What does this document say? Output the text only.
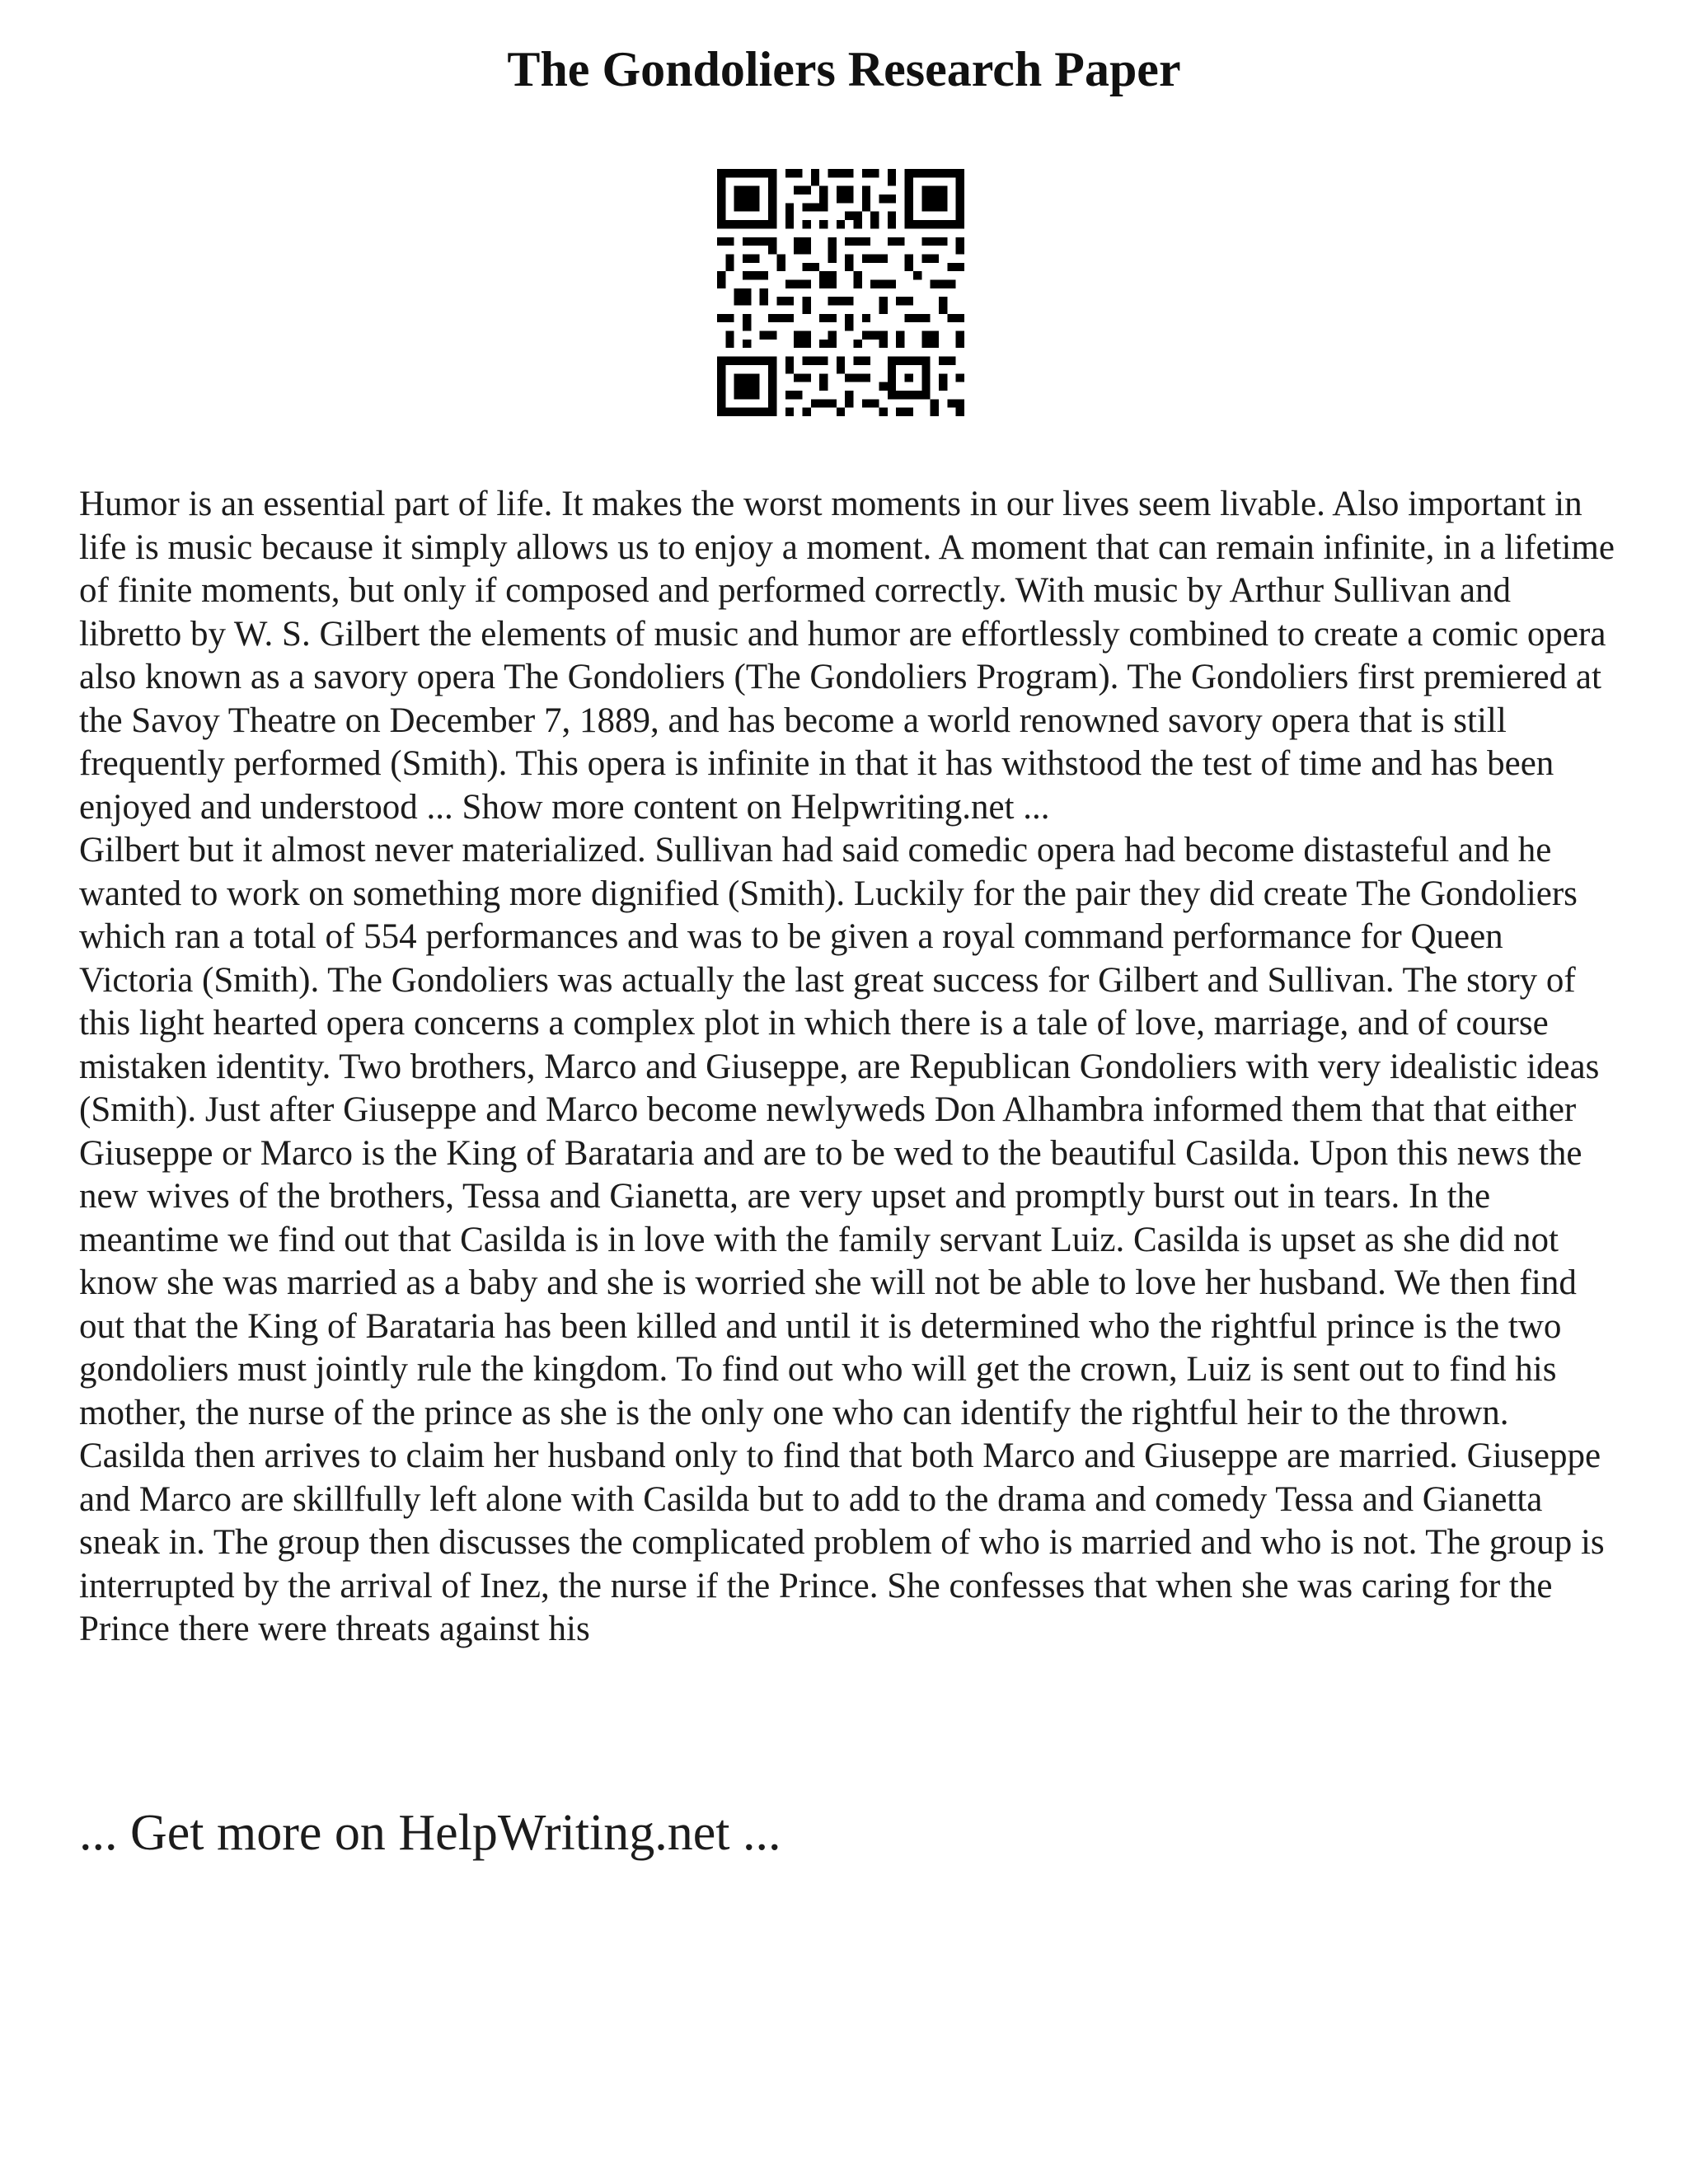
The Gondoliers Research Paper

Humor is an essential part of life. It makes the worst moments in our lives seem livable. Also important in life is music because it simply allows us to enjoy a moment. A moment that can remain infinite, in a lifetime of finite moments, but only if composed and performed correctly. With music by Arthur Sullivan and libretto by W. S. Gilbert the elements of music and humor are effortlessly combined to create a comic opera also known as a savory opera The Gondoliers (The Gondoliers Program). The Gondoliers first premiered at the Savoy Theatre on December 7, 1889, and has become a world renowned savory opera that is still frequently performed (Smith). This opera is infinite in that it has withstood the test of time and has been enjoyed and understood ... Show more content on Helpwriting.net ...

Gilbert but it almost never materialized. Sullivan had said comedic opera had become distasteful and he wanted to work on something more dignified (Smith). Luckily for the pair they did create The Gondoliers which ran a total of 554 performances and was to be given a royal command performance for Queen Victoria (Smith). The Gondoliers was actually the last great success for Gilbert and Sullivan. The story of this light hearted opera concerns a complex plot in which there is a tale of love, marriage, and of course mistaken identity. Two brothers, Marco and Giuseppe, are Republican Gondoliers with very idealistic ideas (Smith). Just after Giuseppe and Marco become newlyweds Don Alhambra informed them that that either Giuseppe or Marco is the King of Barataria and are to be wed to the beautiful Casilda. Upon this news the new wives of the brothers, Tessa and Gianetta, are very upset and promptly burst out in tears. In the meantime we find out that Casilda is in love with the family servant Luiz. Casilda is upset as she did not know she was married as a baby and she is worried she will not be able to love her husband. We then find out that the King of Barataria has been killed and until it is determined who the rightful prince is the two gondoliers must jointly rule the kingdom. To find out who will get the crown, Luiz is sent out to find his mother, the nurse of the prince as she is the only one who can identify the rightful heir to the thrown. Casilda then arrives to claim her husband only to find that both Marco and Giuseppe are married. Giuseppe and Marco are skillfully left alone with Casilda but to add to the drama and comedy Tessa and Gianetta sneak in. The group then discusses the complicated problem of who is married and who is not. The group is interrupted by the arrival of Inez, the nurse if the Prince. She confesses that when she was caring for the Prince there were threats against his

... Get more on HelpWriting.net ...
